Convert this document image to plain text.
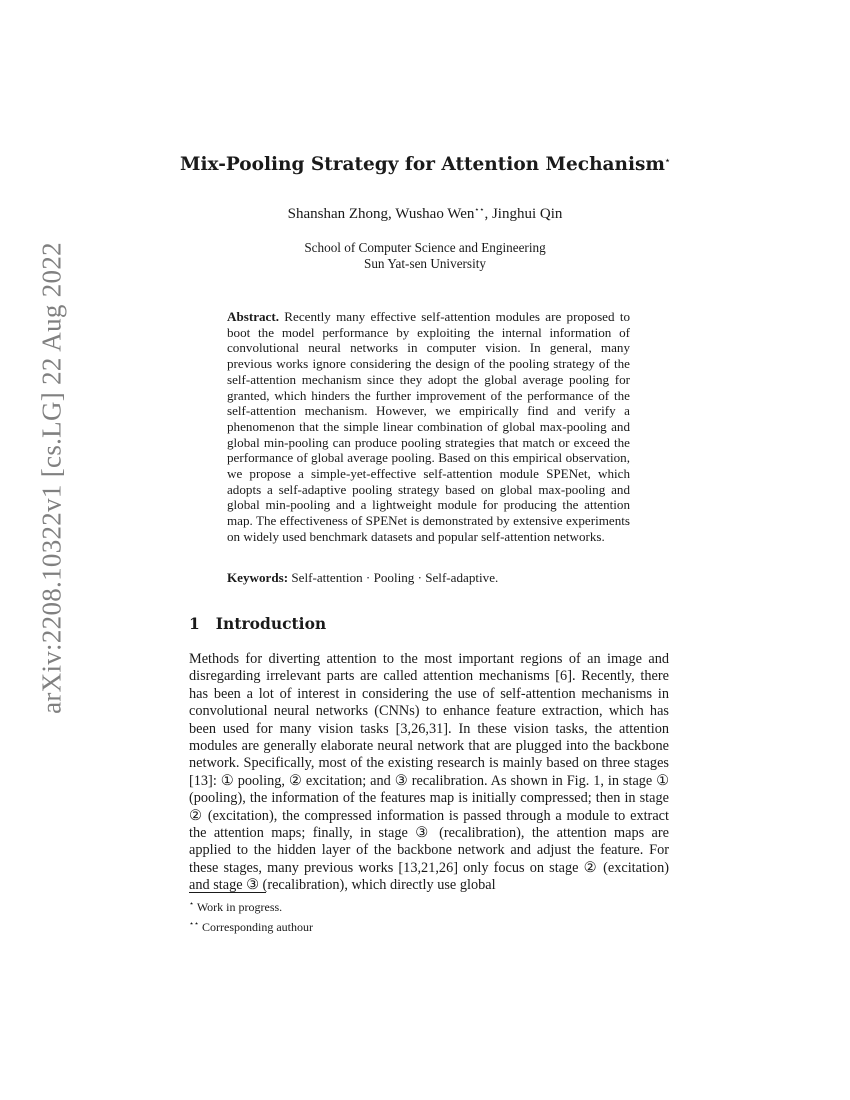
arXiv:2208.10322v1 [cs.LG] 22 Aug 2022
Mix-Pooling Strategy for Attention Mechanism⋆
Shanshan Zhong, Wushao Wen⋆⋆, Jinghui Qin
School of Computer Science and Engineering
Sun Yat-sen University
Abstract. Recently many effective self-attention modules are proposed to boot the model performance by exploiting the internal information of convolutional neural networks in computer vision. In general, many previous works ignore considering the design of the pooling strategy of the self-attention mechanism since they adopt the global average pooling for granted, which hinders the further improvement of the performance of the self-attention mechanism. However, we empirically find and verify a phenomenon that the simple linear combination of global max-pooling and global min-pooling can produce pooling strategies that match or exceed the performance of global average pooling. Based on this empirical observation, we propose a simple-yet-effective self-attention module SPENet, which adopts a self-adaptive pooling strategy based on global max-pooling and global min-pooling and a lightweight module for producing the attention map. The effectiveness of SPENet is demonstrated by extensive experiments on widely used benchmark datasets and popular self-attention networks.
Keywords: Self-attention · Pooling · Self-adaptive.
1 Introduction
Methods for diverting attention to the most important regions of an image and disregarding irrelevant parts are called attention mechanisms [6]. Recently, there has been a lot of interest in considering the use of self-attention mechanisms in convolutional neural networks (CNNs) to enhance feature extraction, which has been used for many vision tasks [3,26,31]. In these vision tasks, the attention modules are generally elaborate neural network that are plugged into the backbone network. Specifically, most of the existing research is mainly based on three stages [13]: ① pooling, ② excitation; and ③ recalibration. As shown in Fig. 1, in stage ① (pooling), the information of the features map is initially compressed; then in stage ② (excitation), the compressed information is passed through a module to extract the attention maps; finally, in stage ③ (recalibration), the attention maps are applied to the hidden layer of the backbone network and adjust the feature. For these stages, many previous works [13,21,26] only focus on stage ② (excitation) and stage ③ (recalibration), which directly use global
⋆ Work in progress.
⋆⋆ Corresponding authour
